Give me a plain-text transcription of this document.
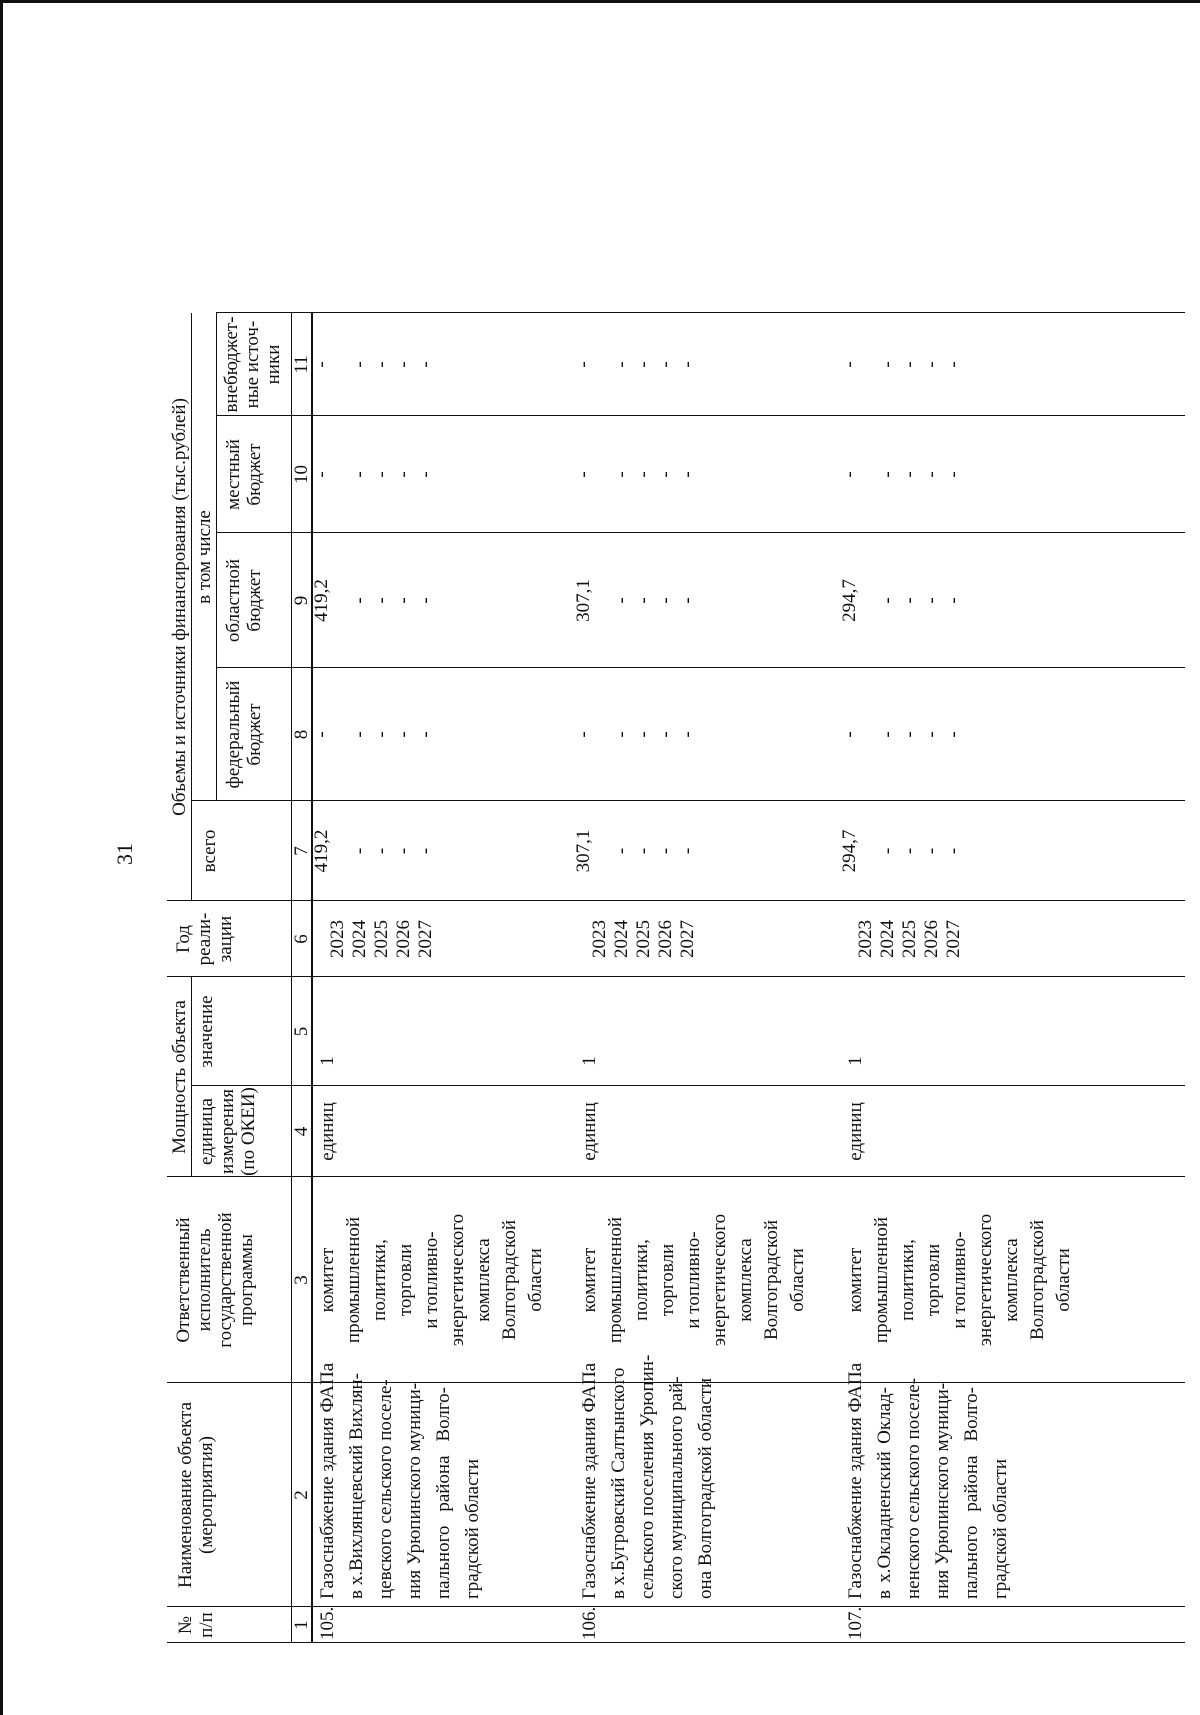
31
№ п/п
Наименование объекта (мероприятия)
Ответственный исполнитель государственной программы
Мощность объекта единица измерения (по ОКЕИ)
значение
Год реали- зации
Объемы и источники финансирования (тыс.рублей)
всего
в том числе
федеральный бюджет
областной бюджет
местный бюджет
внебюджет- ные источ- ники
1
2
3
4
5
6
7
8
9
10
11
105.
Газоснабжение здания ФАПа в х.Вихлянцевский Вихлян- цевского сельского поселе- ния Урюпинского муници- пального района Волго- градской области
комитет промышленной политики, торговли и топливно- энергетического комплекса Волгоградской области
единиц
1
2023 2024 2025 2026 2027
419,2 - - - -
- - - - -
419,2 - - - -
- - - - -
- - - - -
106.
Газоснабжение здания ФАПа в х.Бугровский Салтынского сельского поселения Урюпин- ского муниципального рай- она Волгоградской области
комитет промышленной политики, торговли и топливно- энергетического комплекса Волгоградской области
единиц
1
2023 2024 2025 2026 2027
307,1 - - - -
- - - - -
307,1 - - - -
- - - - -
- - - - -
107.
Газоснабжение здания ФАПа в х.Окладненский Оклад- ненского сельского поселе- ния Урюпинского муници- пального района Волго- градской области
комитет промышленной политики, торговли и топливно- энергетического комплекса Волгоградской области
единиц
1
2023 2024 2025 2026 2027
294,7 - - - -
- - - - -
294,7 - - - -
- - - - -
- - - - -
